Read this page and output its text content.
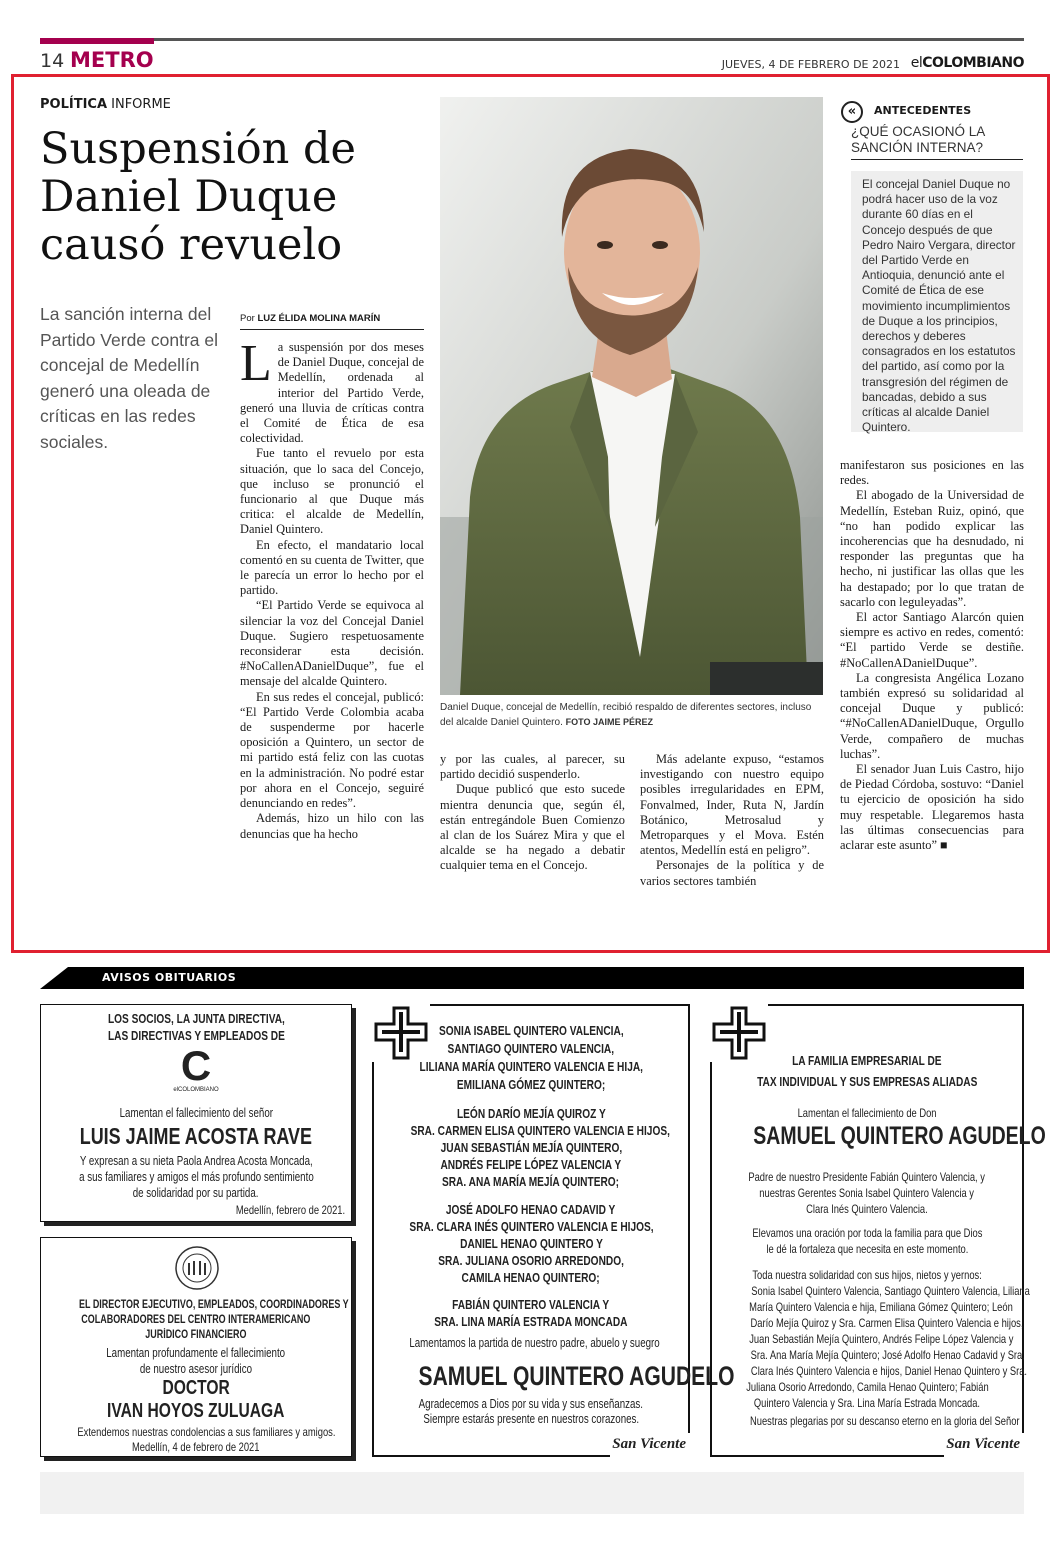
14 METRO	JUEVES, 4 DE FEBRERO DE 2021 elCOLOMBIANO
POLÍTICA INFORME
Suspensión de Daniel Duque causó revuelo
La sanción interna del Partido Verde contra el concejal de Medellín generó una oleada de críticas en las redes sociales.
Por LUZ ÉLIDA MOLINA MARÍN

La suspensión por dos meses de Daniel Duque, concejal de Medellín, ordenada al interior del Partido Verde, generó una lluvia de críticas contra el Comité de Ética de esa colectividad.

Fue tanto el revuelo por esta situación, que lo saca del Concejo, que incluso se pronunció el funcionario al que Duque más critica: el alcalde de Medellín, Daniel Quintero.

En efecto, el mandatario local comentó en su cuenta de Twitter, que le parecía un error lo hecho por el partido.

“El Partido Verde se equivoca al silenciar la voz del Concejal Daniel Duque. Sugiero respetuosamente reconsiderar esta decisión. #NoCallenADanielDuque”, fue el mensaje del alcalde Quintero.

En sus redes el concejal, publicó: “El Partido Verde Colombia acaba de suspenderme por hacerle oposición a Quintero, un sector de mi partido está feliz con las cuotas en la administración. No podré estar por ahora en el Concejo, seguiré denunciando en redes”.

Además, hizo un hilo con las denuncias que ha hecho

Daniel Duque, concejal de Medellín, recibió respaldo de diferentes sectores, incluso del alcalde Daniel Quintero. FOTO JAIME PÉREZ

y por las cuales, al parecer, su partido decidió suspenderlo.

Duque publicó que esto sucede mientra denuncia que, según él, están entregándole Buen Comienzo al clan de los Suárez Mira y que el alcalde se ha negado a debatir cualquier tema en el Concejo.

Más adelante expuso, “estamos investigando con nuestro equipo posibles irregularidades en EPM, Fonvalmed, Inder, Ruta N, Jardín Botánico, Metrosalud y Metroparques y el Mova. Estén atentos, Medellín está en peligro”.

Personajes de la política y de varios sectores también

manifestaron sus posiciones en las redes.

El abogado de la Universidad de Medellín, Esteban Ruiz, opinó, que “no han podido explicar las incoherencias que ha desnudado, ni responder las preguntas que ha hecho, ni justificar las ollas que les ha destapado; por lo que tratan de sacarlo con leguleyadas”.

El actor Santiago Alarcón quien siempre es activo en redes, comentó: “El partido Verde se destiñe. #NoCallenADanielDuque”.

La congresista Angélica Lozano también expresó su solidaridad al concejal Duque y publicó: “#NoCallenADanielDuque, Orgullo Verde, compañero de muchas luchas”.

El senador Juan Luis Castro, hijo de Piedad Córdoba, sostuvo: “Daniel tu ejercicio de oposición ha sido muy respetable. Llegaremos hasta las últimas consecuencias para aclarar este asunto” ■

«	ANTECEDENTES
¿QUÉ OCASIONÓ LA SANCIÓN INTERNA?
El concejal Daniel Duque no podrá hacer uso de la voz durante 60 días en el Concejo después de que Pedro Nairo Vergara, director del Partido Verde en Antioquia, denunció ante el Comité de Ética de ese movimiento incumplimientos de Duque a los principios, derechos y deberes consagrados en los estatutos del partido, así como por la transgresión del régimen de bancadas, debido a sus críticas al alcalde Daniel Quintero.
AVISOS OBITUARIOS
LOS SOCIOS, LA JUNTA DIRECTIVA,
LAS DIRECTIVAS Y EMPLEADOS DE
C
elCOLOMBIANO
Lamentan el fallecimiento del señor
LUIS JAIME ACOSTA RAVE
Y expresan a su nieta Paola Andrea Acosta Moncada,
a sus familiares y amigos el más profundo sentimiento
de solidaridad por su partida.
Medellín, febrero de 2021.
EL DIRECTOR EJECUTIVO, EMPLEADOS, COORDINADORES Y
COLABORADORES DEL CENTRO INTERAMERICANO
JURÍDICO FINANCIERO
Lamentan profundamente el fallecimiento
de nuestro asesor jurídico
DOCTOR
IVAN HOYOS ZULUAGA
Extendemos nuestras condolencias a sus familiares y amigos.
Medellín, 4 de febrero de 2021
SONIA ISABEL QUINTERO VALENCIA,
SANTIAGO QUINTERO VALENCIA,
LILIANA MARÍA QUINTERO VALENCIA E HIJA,
EMILIANA GÓMEZ QUINTERO;
LEÓN DARÍO MEJÍA QUIROZ Y
SRA. CARMEN ELISA QUINTERO VALENCIA E HIJOS,
JUAN SEBASTIÁN MEJÍA QUINTERO,
ANDRÉS FELIPE LÓPEZ VALENCIA Y
SRA. ANA MARÍA MEJÍA QUINTERO;
JOSÉ ADOLFO HENAO CADAVID Y
SRA. CLARA INÉS QUINTERO VALENCIA E HIJOS,
DANIEL HENAO QUINTERO Y
SRA. JULIANA OSORIO ARREDONDO,
CAMILA HENAO QUINTERO;
FABIÁN QUINTERO VALENCIA Y
SRA. LINA MARÍA ESTRADA MONCADA
Lamentamos la partida de nuestro padre, abuelo y suegro
SAMUEL QUINTERO AGUDELO
Agradecemos a Dios por su vida y sus enseñanzas.
Siempre estarás presente en nuestros corazones.
San Vicente
LA FAMILIA EMPRESARIAL DE
TAX INDIVIDUAL Y SUS EMPRESAS ALIADAS
Lamentan el fallecimiento de Don
SAMUEL QUINTERO AGUDELO
Padre de nuestro Presidente Fabián Quintero Valencia, y
nuestras Gerentes Sonia Isabel Quintero Valencia y
Clara Inés Quintero Valencia.
Elevamos una oración por toda la familia para que Dios
le dé la fortaleza que necesita en este momento.
Toda nuestra solidaridad con sus hijos, nietos y yernos:
Sonia Isabel Quintero Valencia, Santiago Quintero Valencia, Liliana
María Quintero Valencia e hija, Emiliana Gómez Quintero; León
Darío Mejía Quiroz y Sra. Carmen Elisa Quintero Valencia e hijos,
Juan Sebastián Mejía Quintero, Andrés Felipe López Valencia y
Sra. Ana María Mejía Quintero; José Adolfo Henao Cadavid y Sra.
Clara Inés Quintero Valencia e hijos, Daniel Henao Quintero y Sra.
Juliana Osorio Arredondo, Camila Henao Quintero; Fabián
Quintero Valencia y Sra. Lina María Estrada Moncada.
Nuestras plegarias por su descanso eterno en la gloria del Señor
San Vicente
